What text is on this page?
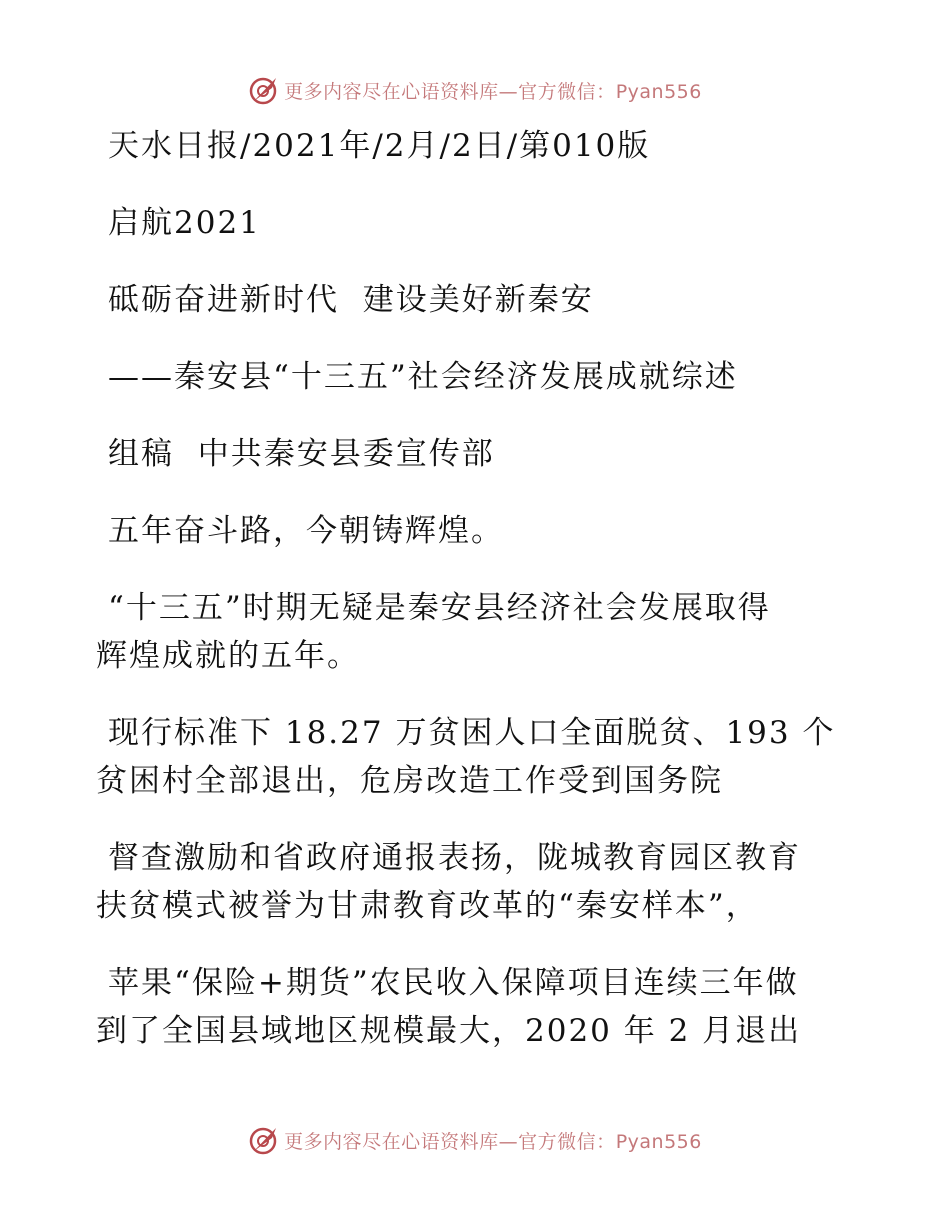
更多内容尽在心语资料库—官方微信：Pyan556

天水日报/2021年/2月/2日/第010版

启航2021

砥砺奋进新时代  建设美好新秦安

——秦安县“十三五”社会经济发展成就综述

组稿  中共秦安县委宣传部

五年奋斗路，今朝铸辉煌。

“十三五”时期无疑是秦安县经济社会发展取得

辉煌成就的五年。

现行标准下 18.27 万贫困人口全面脱贫、193 个

贫困村全部退出，危房改造工作受到国务院

督查激励和省政府通报表扬，陇城教育园区教育

扶贫模式被誉为甘肃教育改革的“秦安样本”，

苹果“保险+期货”农民收入保障项目连续三年做

到了全国县域地区规模最大，2020 年 2 月退出

更多内容尽在心语资料库—官方微信：Pyan556
